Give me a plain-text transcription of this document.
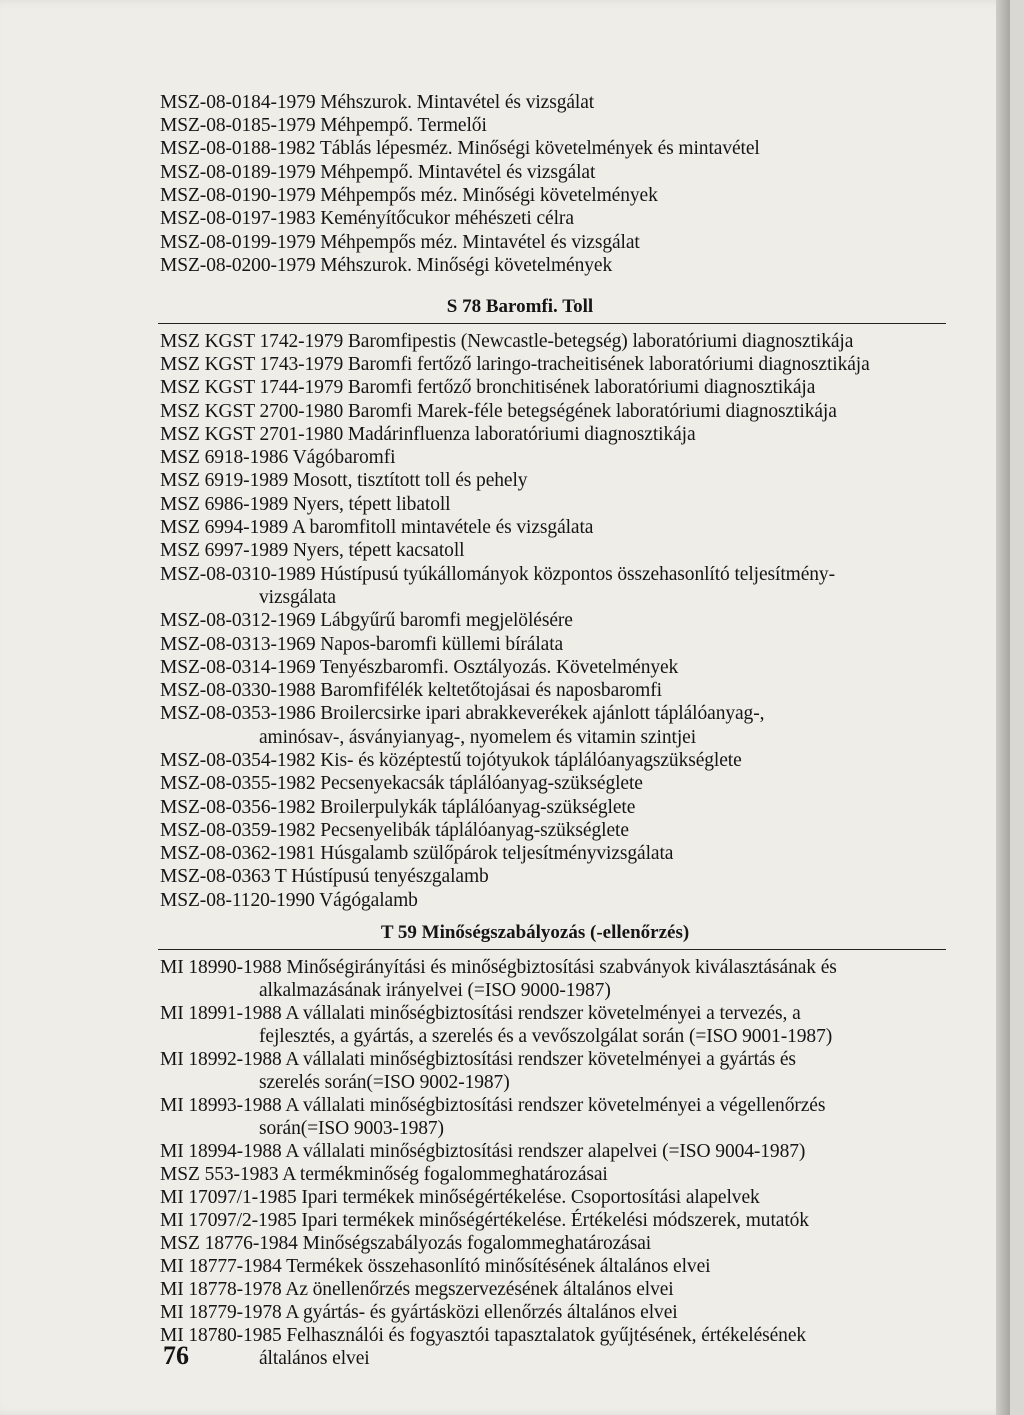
MSZ-08-0184-1979 Méhszurok. Mintavétel és vizsgálat
MSZ-08-0185-1979 Méhpempő. Termelői
MSZ-08-0188-1982 Táblás lépesméz. Minőségi követelmények és mintavétel
MSZ-08-0189-1979 Méhpempő. Mintavétel és vizsgálat
MSZ-08-0190-1979 Méhpempős méz. Minőségi követelmények
MSZ-08-0197-1983 Keményítőcukor méhészeti célra
MSZ-08-0199-1979 Méhpempős méz. Mintavétel és vizsgálat
MSZ-08-0200-1979 Méhszurok. Minőségi követelmények
S 78 Baromfi. Toll
MSZ KGST 1742-1979 Baromfipestis (Newcastle-betegség) laboratóriumi diagnosztikája
MSZ KGST 1743-1979 Baromfi fertőző laringo-tracheitisének laboratóriumi diagnosztikája
MSZ KGST 1744-1979 Baromfi fertőző bronchitisének laboratóriumi diagnosztikája
MSZ KGST 2700-1980 Baromfi Marek-féle betegségének laboratóriumi diagnosztikája
MSZ KGST 2701-1980 Madárinfluenza laboratóriumi diagnosztikája
MSZ 6918-1986 Vágóbaromfi
MSZ 6919-1989 Mosott, tisztított toll és pehely
MSZ 6986-1989 Nyers, tépett libatoll
MSZ 6994-1989 A baromfitoll mintavétele és vizsgálata
MSZ 6997-1989 Nyers, tépett kacsatoll
MSZ-08-0310-1989 Hústípusú tyúkállományok központos összehasonlító teljesítmény-
vizsgálata
MSZ-08-0312-1969 Lábgyűrű baromfi megjelölésére
MSZ-08-0313-1969 Napos-baromfi küllemi bírálata
MSZ-08-0314-1969 Tenyészbaromfi. Osztályozás. Követelmények
MSZ-08-0330-1988 Baromfifélék keltetőtojásai és naposbaromfi
MSZ-08-0353-1986 Broilercsirke ipari abrakkeverékek ajánlott táplálóanyag-,
aminósav-, ásványianyag-, nyomelem és vitamin szintjei
MSZ-08-0354-1982 Kis- és középtestű tojótyukok táplálóanyagszükséglete
MSZ-08-0355-1982 Pecsenyekacsák táplálóanyag-szükséglete
MSZ-08-0356-1982 Broilerpulykák táplálóanyag-szükséglete
MSZ-08-0359-1982 Pecsenyelibák táplálóanyag-szükséglete
MSZ-08-0362-1981 Húsgalamb szülőpárok teljesítményvizsgálata
MSZ-08-0363 T Hústípusú tenyészgalamb
MSZ-08-1120-1990 Vágógalamb
T 59 Minőségszabályozás (-ellenőrzés)
MI 18990-1988 Minőségirányítási és minőségbiztosítási szabványok kiválasztásának és
alkalmazásának irányelvei (=ISO 9000-1987)
MI 18991-1988 A vállalati minőségbiztosítási rendszer követelményei a tervezés, a
fejlesztés, a gyártás, a szerelés és a vevőszolgálat során (=ISO 9001-1987)
MI 18992-1988 A vállalati minőségbiztosítási rendszer követelményei a gyártás és
szerelés során(=ISO 9002-1987)
MI 18993-1988 A vállalati minőségbiztosítási rendszer követelményei a végellenőrzés
során(=ISO 9003-1987)
MI 18994-1988 A vállalati minőségbiztosítási rendszer alapelvei (=ISO 9004-1987)
MSZ 553-1983 A termékminőség fogalommeghatározásai
MI 17097/1-1985 Ipari termékek minőségértékelése. Csoportosítási alapelvek
MI 17097/2-1985 Ipari termékek minőségértékelése. Értékelési módszerek, mutatók
MSZ 18776-1984 Minőségszabályozás fogalommeghatározásai
MI 18777-1984 Termékek összehasonlító minősítésének általános elvei
MI 18778-1978 Az önellenőrzés megszervezésének általános elvei
MI 18779-1978 A gyártás- és gyártásközi ellenőrzés általános elvei
MI 18780-1985 Felhasználói és fogyasztói tapasztalatok gyűjtésének, értékelésének
általános elvei
76
